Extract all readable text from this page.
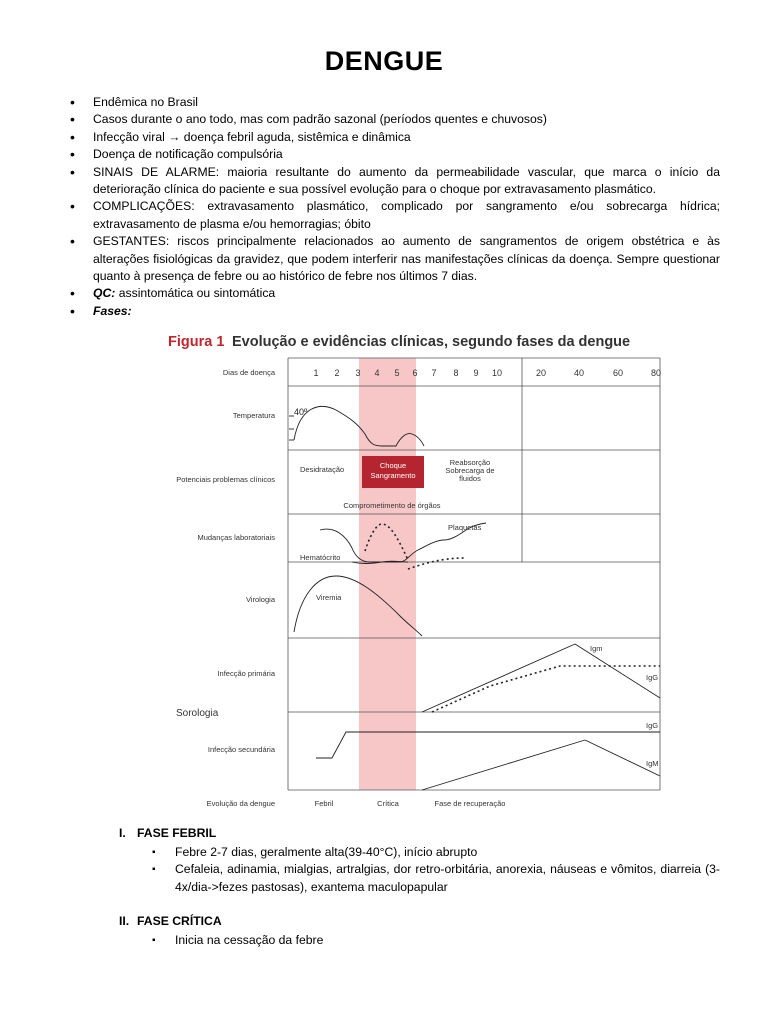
DENGUE
• Endêmica no Brasil
• Casos durante o ano todo, mas com padrão sazonal (períodos quentes e chuvosos)
• Infecção viral → doença febril aguda, sistêmica e dinâmica
• Doença de notificação compulsória
• SINAIS DE ALARME: maioria resultante do aumento da permeabilidade vascular, que marca o início da deterioração clínica do paciente e sua possível evolução para o choque por extravasamento plasmático.
• COMPLICAÇÕES: extravasamento plasmático, complicado por sangramento e/ou sobrecarga hídrica; extravasamento de plasma e/ou hemorragias; óbito
• GESTANTES: riscos principalmente relacionados ao aumento de sangramentos de origem obstétrica e às alterações fisiológicas da gravidez, que podem interferir nas manifestações clínicas da doença. Sempre questionar quanto à presença de febre ou ao histórico de febre nos últimos 7 dias.
• QC: assintomática ou sintomática
• Fases:
Figura 1 Evolução e evidências clínicas, segundo fases da dengue
Dias de doença
Temperatura
Potenciais problemas clínicos
Mudanças laboratoriais
Virologia
Infecção primária
Infecção secundária
Evolução da dengue
Sorologia
1 2 3 4 5 6 7 8 9 10	20	40	60	80
40º
Desidratação	Choque
Sangramento
Reabsorção
Sobrecarga de
fluidos
Comprometimento de órgãos
Plaquetas
Hematócrito
Viremia
Igm
IgG
IgG
IgM
Febril	Crítica	Fase de recuperação
I. FASE FEBRIL
▪ Febre 2-7 dias, geralmente alta(39-40°C), início abrupto
▪ Cefaleia, adinamia, mialgias, artralgias, dor retro-orbitária, anorexia, náuseas e vômitos, diarreia (3-4x/dia->fezes pastosas), exantema maculopapular
II. FASE CRÍTICA
▪ Inicia na cessação da febre
